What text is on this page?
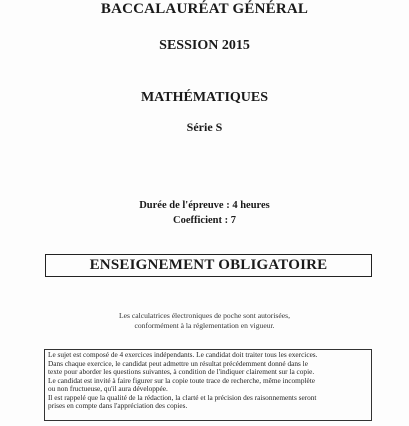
BACCALAURÉAT GÉNÉRAL
SESSION 2015
MATHÉMATIQUES
Série S
Durée de l'épreuve : 4 heures
Coefficient : 7
ENSEIGNEMENT OBLIGATOIRE
Les calculatrices électroniques de poche sont autorisées,
conformément à la réglementation en vigueur.

Le sujet est composé de 4 exercices indépendants. Le candidat doit traiter tous les exercices.

Dans chaque exercice, le candidat peut admettre un résultat précédemment donné dans le

texte pour aborder les questions suivantes, à condition de l'indiquer clairement sur la copie.

Le candidat est invité à faire figurer sur la copie toute trace de recherche, même incomplète

ou non fructueuse, qu'il aura développée.

Il est rappelé que la qualité de la rédaction, la clarté et la précision des raisonnements seront

prises en compte dans l'appréciation des copies.
